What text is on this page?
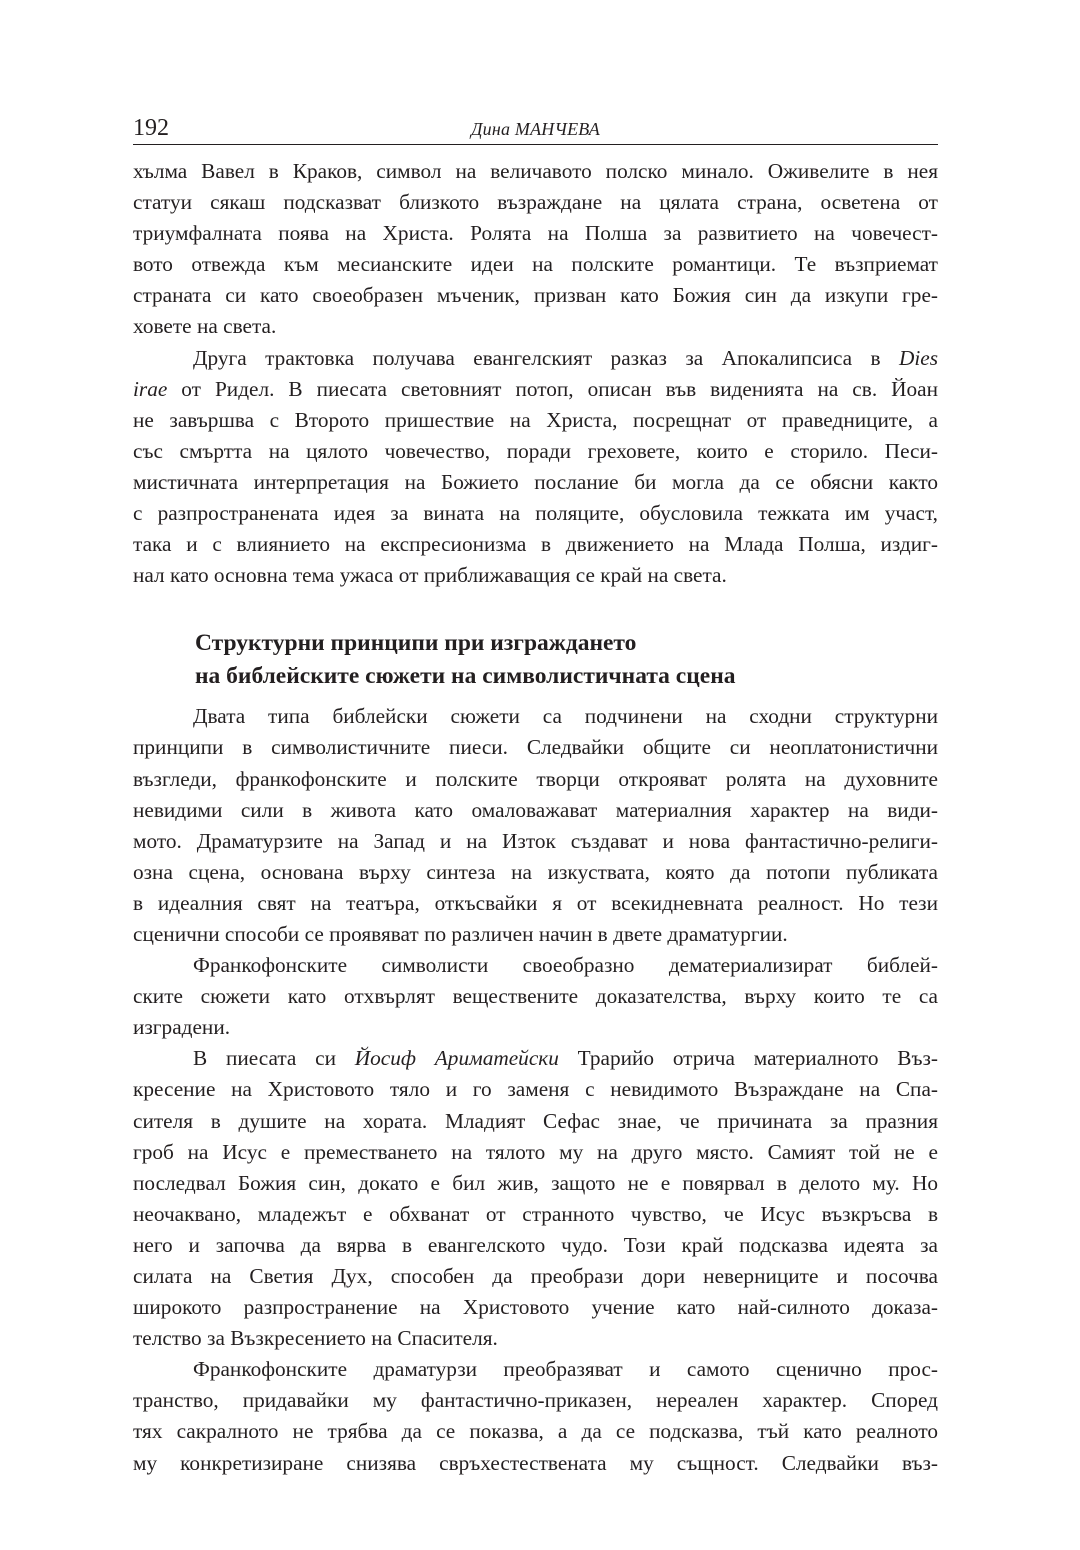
192	Дина МАНЧЕВА
хълма Вавел в Краков, символ на величавото полско минало. Оживелите в нея
статуи сякаш подсказват близкото възраждане на цялата страна, осветена от
триумфалната поява на Христа. Ролята на Полша за развитието на човечест-
вото отвежда към месианските идеи на полските романтици. Те възприемат
страната си като своеобразен мъченик, призван като Божия син да изкупи гре-
ховете на света.
Друга трактовка получава евангелският разказ за Апокалипсиса в Dies
irae от Ридел. В пиесата световният потоп, описан във виденията на св. Йоан
не завършва с Второто пришествие на Христа, посрещнат от праведниците, а
със смъртта на цялото човечество, поради греховете, които е сторило. Песи-
мистичната интерпретация на Божието послание би могла да се обясни както
с разпространената идея за вината на поляците, обусловила тежката им участ,
така и с влиянието на експресионизма в движението на Млада Полша, издиг-
нал като основна тема ужаса от приближаващия се край на света.
Структурни принципи при изграждането
на библейските сюжети на символистичната сцена
Двата типа библейски сюжети са подчинени на сходни структурни
принципи в символистичните пиеси. Следвайки общите си неоплатонистични
възгледи, франкофонските и полските творци открояват ролята на духовните
невидими сили в живота като омаловажават материалния характер на види-
мото. Драматурзите на Запад и на Изток създават и нова фантастично-религи-
озна сцена, основана върху синтеза на изкуствата, която да потопи публиката
в идеалния свят на театъра, откъсвайки я от всекидневната реалност. Но тези
сценични способи се проявяват по различен начин в двете драматургии.
Франкофонските символисти своеобразно дематериализират библей-
ските сюжети като отхвърлят веществените доказателства, върху които те са
изградени.
В пиесата си Йосиф Ариматейски Трарийо отрича материалното Въз-
кресение на Христовото тяло и го заменя с невидимото Възраждане на Спа-
сителя в душите на хората. Младият Сефас знае, че причината за празния
гроб на Исус е преместването на тялото му на друго място. Самият той не е
последвал Божия син, докато е бил жив, защото не е повярвал в делото му. Но
неочаквано, младежът е обхванат от странното чувство, че Исус възкръсва в
него и започва да вярва в евангелското чудо. Този край подсказва идеята за
силата на Светия Дух, способен да преобрази дори неверниците и посочва
широкото разпространение на Христовото учение като най-силното доказа-
телство за Възкресението на Спасителя.
Франкофонските драматурзи преобразяват и самото сценично прос-
транство, придавайки му фантастично-приказен, нереален характер. Според
тях сакралното не трябва да се показва, а да се подсказва, тъй като реалното
му конкретизиране снизява свръхестествената му същност. Следвайки въз-
